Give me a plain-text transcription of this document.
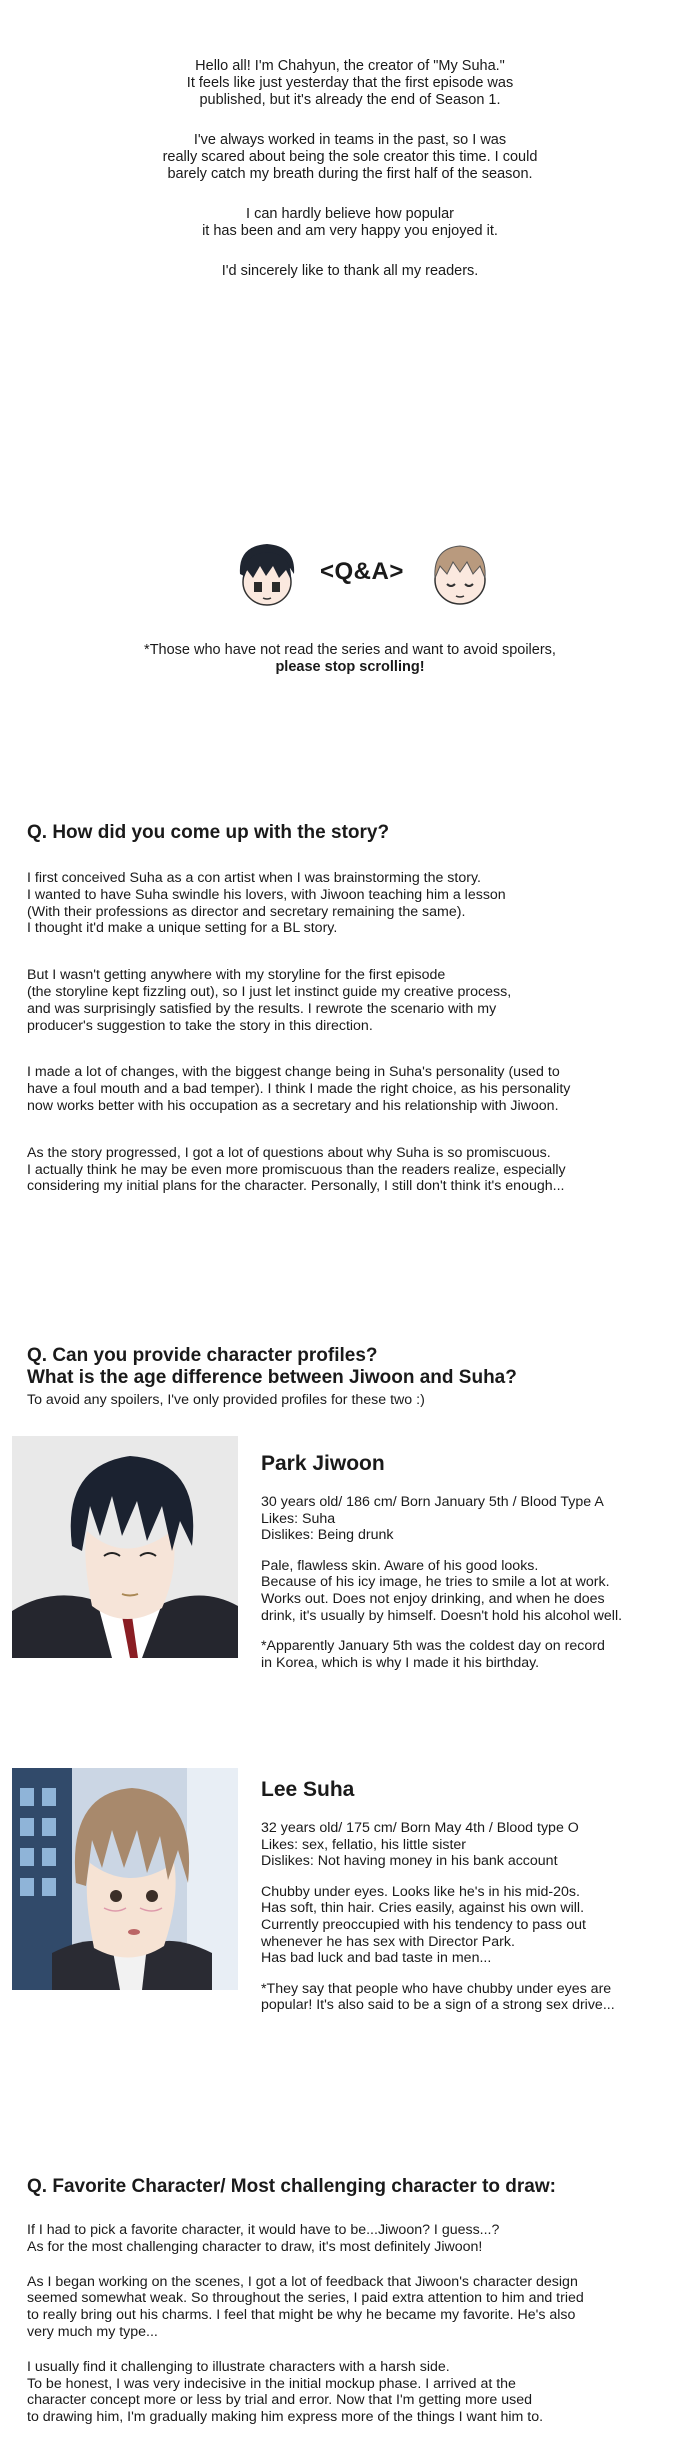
Hello all! I'm Chahyun, the creator of "My Suha."
It feels like just yesterday that the first episode was
published, but it's already the end of Season 1.

I've always worked in teams in the past, so I was
really scared about being the sole creator this time. I could
barely catch my breath during the first half of the season.

I can hardly believe how popular
it has been and am very happy you enjoyed it.

I'd sincerely like to thank all my readers.

<Q&A>
*Those who have not read the series and want to avoid spoilers,
please stop scrolling!
Q. How did you come up with the story?

I first conceived Suha as a con artist when I was brainstorming the story.
I wanted to have Suha swindle his lovers, with Jiwoon teaching him a lesson
(With their professions as director and secretary remaining the same).
I thought it'd make a unique setting for a BL story.

But I wasn't getting anywhere with my storyline for the first episode
(the storyline kept fizzling out), so I just let instinct guide my creative process,
and was surprisingly satisfied by the results. I rewrote the scenario with my
producer's suggestion to take the story in this direction.

I made a lot of changes, with the biggest change being in Suha's personality (used to
have a foul mouth and a bad temper). I think I made the right choice, as his personality
now works better with his occupation as a secretary and his relationship with Jiwoon.

As the story progressed, I got a lot of questions about why Suha is so promiscuous.
I actually think he may be even more promiscuous than the readers realize, especially
considering my initial plans for the character. Personally, I still don't think it's enough...

Q. Can you provide character profiles?
What is the age difference between Jiwoon and Suha?
To avoid any spoilers, I've only provided profiles for these two :)
Park Jiwoon

30 years old/ 186 cm/ Born January 5th / Blood Type A
Likes: Suha
Dislikes: Being drunk

Pale, flawless skin. Aware of his good looks.
Because of his icy image, he tries to smile a lot at work.
Works out. Does not enjoy drinking, and when he does
drink, it's usually by himself. Doesn't hold his alcohol well.

*Apparently January 5th was the coldest day on record
in Korea, which is why I made it his birthday.

Lee Suha

32 years old/ 175 cm/ Born May 4th / Blood type O
Likes: sex, fellatio, his little sister
Dislikes: Not having money in his bank account

Chubby under eyes. Looks like he's in his mid-20s.
Has soft, thin hair. Cries easily, against his own will.
Currently preoccupied with his tendency to pass out
whenever he has sex with Director Park.
Has bad luck and bad taste in men...

*They say that people who have chubby under eyes are
popular! It's also said to be a sign of a strong sex drive...

Q. Favorite Character/ Most challenging character to draw:

If I had to pick a favorite character, it would have to be...Jiwoon? I guess...?
As for the most challenging character to draw, it's most definitely Jiwoon!

As I began working on the scenes, I got a lot of feedback that Jiwoon's character design
seemed somewhat weak. So throughout the series, I paid extra attention to him and tried
to really bring out his charms. I feel that might be why he became my favorite. He's also
very much my type...

I usually find it challenging to illustrate characters with a harsh side.
To be honest, I was very indecisive in the initial mockup phase. I arrived at the
character concept more or less by trial and error. Now that I'm getting more used
to drawing him, I'm gradually making him express more of the things I want him to.
